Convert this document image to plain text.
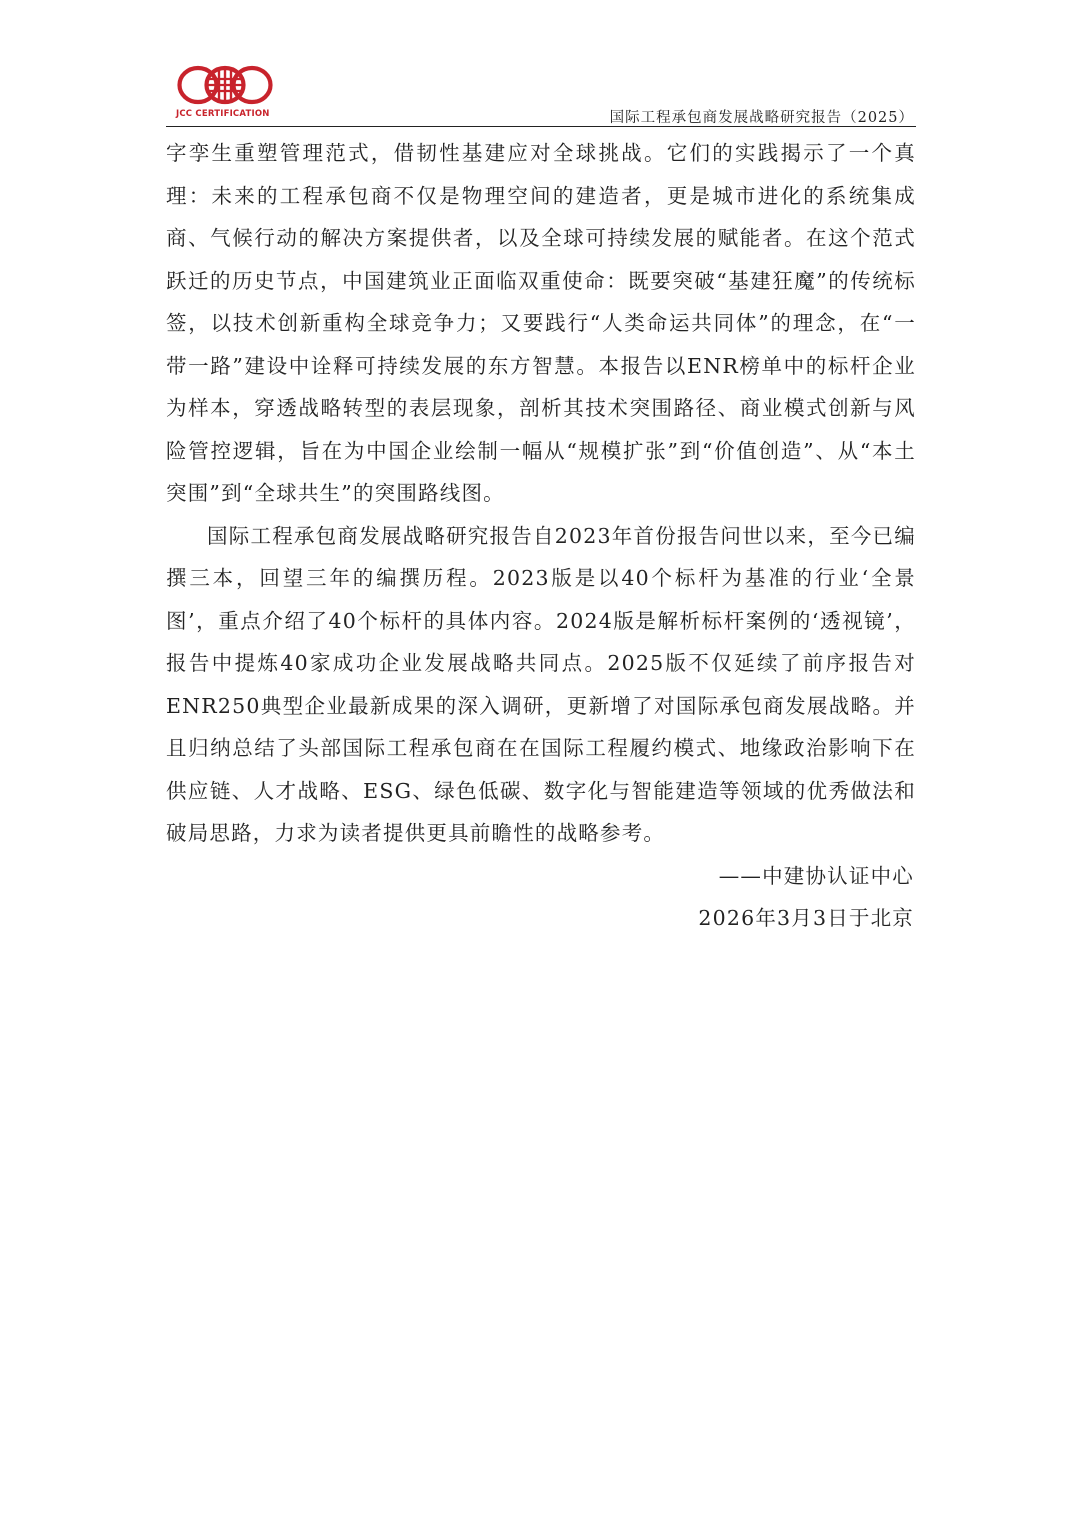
JCC CERTIFICATION	国际工程承包商发展战略研究报告（2025）

字孪生重塑管理范式，借韧性基建应对全球挑战。它们的实践揭示了一个真理：未来的工程承包商不仅是物理空间的建造者，更是城市进化的系统集成商、气候行动的解决方案提供者，以及全球可持续发展的赋能者。在这个范式跃迁的历史节点，中国建筑业正面临双重使命：既要突破“基建狂魔”的传统标签，以技术创新重构全球竞争力；又要践行“人类命运共同体”的理念，在“一带一路”建设中诠释可持续发展的东方智慧。本报告以ENR榜单中的标杆企业为样本，穿透战略转型的表层现象，剖析其技术突围路径、商业模式创新与风险管控逻辑，旨在为中国企业绘制一幅从“规模扩张”到“价值创造”、从“本土突围”到“全球共生”的突围路线图。

国际工程承包商发展战略研究报告自2023年首份报告问世以来，至今已编撰三本，回望三年的编撰历程。2023版是以40个标杆为基准的行业‘全景图’，重点介绍了40个标杆的具体内容。2024版是解析标杆案例的‘透视镜’，报告中提炼40家成功企业发展战略共同点。2025版不仅延续了前序报告对ENR250典型企业最新成果的深入调研，更新增了对国际承包商发展战略。并且归纳总结了头部国际工程承包商在在国际工程履约模式、地缘政治影响下在供应链、人才战略、ESG、绿色低碳、数字化与智能建造等领域的优秀做法和破局思路，力求为读者提供更具前瞻性的战略参考。

——中建协认证中心

2026年3月3日于北京
